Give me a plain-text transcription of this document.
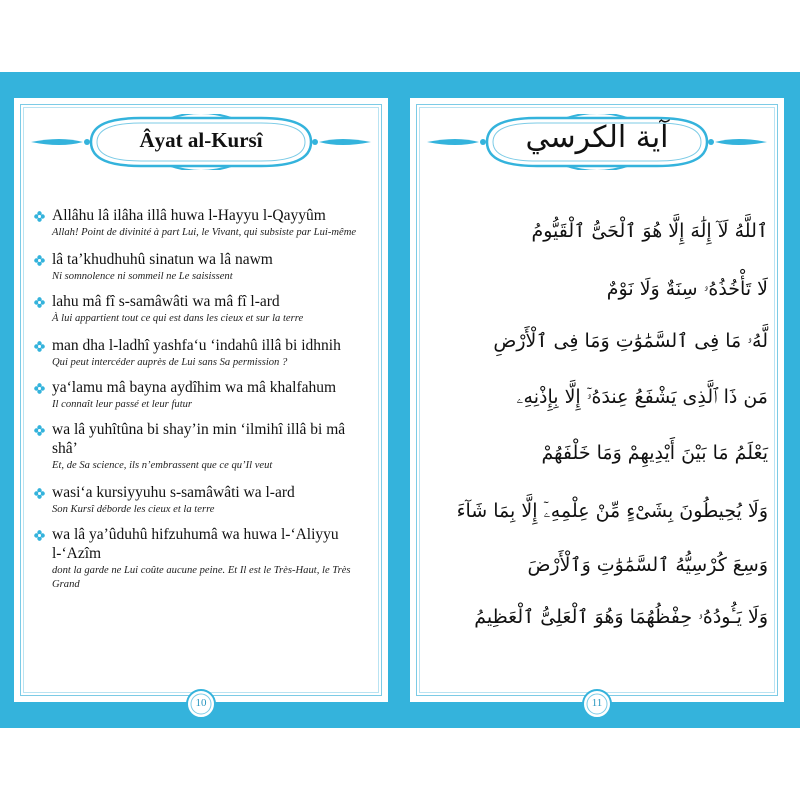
Âyat al-Kursî
Allâhu lâ ilâha illâ huwa l-Hayyu l-Qayyûm
Allah! Point de divinité à part Lui, le Vivant, qui subsiste par Lui-même
lâ ta’khudhuhû sinatun wa lâ nawm
Ni somnolence ni sommeil ne Le saisissent
lahu mâ fî s-samâwâti wa mâ fî l-ard
À lui appartient tout ce qui est dans les cieux et sur la terre
man dha l-ladhî yashfa‘u ‘indahû illâ bi idhnih
Qui peut intercéder auprès de Lui sans Sa permission ?
ya‘lamu mâ bayna aydîhim wa mâ khalfahum
Il connaît leur passé et leur futur
wa lâ yuhîtûna bi shay’in min ‘ilmihî illâ bi mâ shâ’
Et, de Sa science, ils n’embrassent que ce qu’Il veut
wasi‘a kursiyyuhu s-samâwâti wa l-ard
Son Kursî déborde les cieux et la terre
wa lâ ya’ûduhû hifzuhumâ wa huwa l-‘Aliyyu l-‘Azîm
dont la garde ne Lui coûte aucune peine. Et Il est le Très-Haut, le Très Grand
10
آية الكرسي
ٱللَّهُ لَآ إِلَٰهَ إِلَّا هُوَ ٱلْحَىُّ ٱلْقَيُّومُ
لَا تَأْخُذُهُۥ سِنَةٌ وَلَا نَوْمٌ
لَّهُۥ مَا فِى ٱلسَّمَٰوَٰتِ وَمَا فِى ٱلْأَرْضِ
مَن ذَا ٱلَّذِى يَشْفَعُ عِندَهُۥٓ إِلَّا بِإِذْنِهِۦ
يَعْلَمُ مَا بَيْنَ أَيْدِيهِمْ وَمَا خَلْفَهُمْ
وَلَا يُحِيطُونَ بِشَىْءٍ مِّنْ عِلْمِهِۦٓ إِلَّا بِمَا شَآءَ
وَسِعَ كُرْسِيُّهُ ٱلسَّمَٰوَٰتِ وَٱلْأَرْضَ
وَلَا يَـُٔودُهُۥ حِفْظُهُمَا وَهُوَ ٱلْعَلِىُّ ٱلْعَظِيمُ
11
